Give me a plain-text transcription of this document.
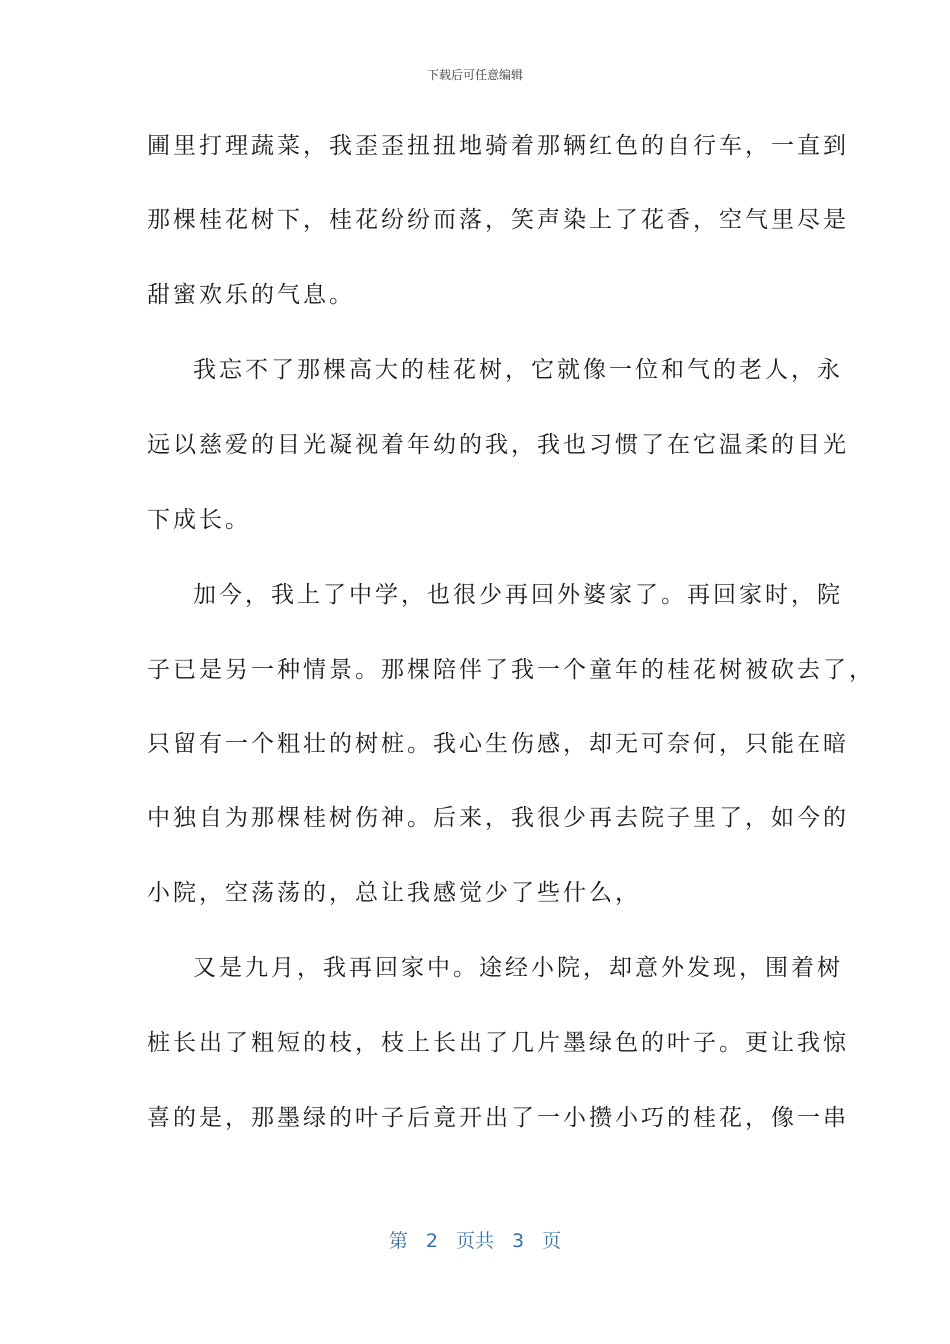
下载后可任意编辑
圃里打理蔬菜，我歪歪扭扭地骑着那辆红色的自行车，一直到
那棵桂花树下，桂花纷纷而落，笑声染上了花香，空气里尽是
甜蜜欢乐的气息。
我忘不了那棵高大的桂花树，它就像一位和气的老人，永
远以慈爱的目光凝视着年幼的我，我也习惯了在它温柔的目光
下成长。
加今，我上了中学，也很少再回外婆家了。再回家时，院
子已是另一种情景。那棵陪伴了我一个童年的桂花树被砍去了，
只留有一个粗壮的树桩。我心生伤感，却无可奈何，只能在暗
中独自为那棵桂树伤神。后来，我很少再去院子里了，如今的
小院，空荡荡的，总让我感觉少了些什么，
又是九月，我再回家中。途经小院，却意外发现，围着树
桩长出了粗短的枝，枝上长出了几片墨绿色的叶子。更让我惊
喜的是，那墨绿的叶子后竟开出了一小攒小巧的桂花，像一串
第 2 页共 3 页
